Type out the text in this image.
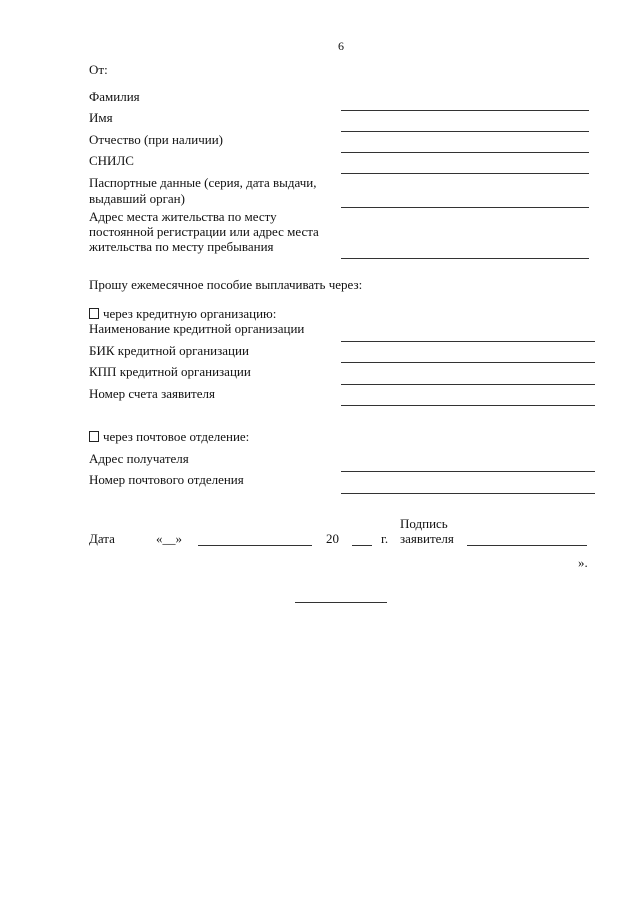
6
От:
Фамилия
Имя
Отчество (при наличии)
СНИЛС
Паспортные данные (серия, дата выдачи,
выдавший орган)
Адрес места жительства по месту
постоянной регистрации или адрес места
жительства по месту пребывания
Прошу ежемесячное пособие выплачивать через:
через кредитную организацию:
Наименование кредитной организации
БИК кредитной организации
КПП кредитной организации
Номер счета заявителя
через почтовое отделение:
Адрес получателя
Номер почтового отделения
Дата	«__»	20	г.
Подпись
заявителя
».
